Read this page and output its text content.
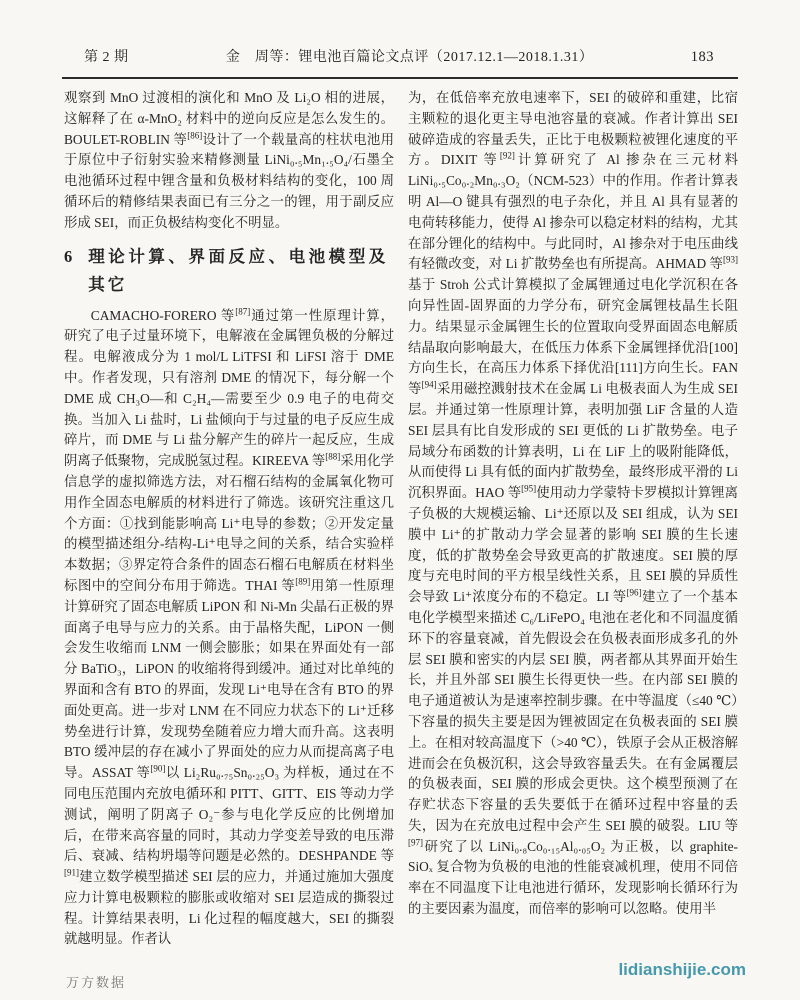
第 2 期	金　周等：锂电池百篇论文点评（2017.12.1—2018.1.31）	183

观察到 MnO 过渡相的演化和 MnO 及 Li₂O 相的进展，这解释了在 α-MnO₂ 材料中的逆向反应是怎么发生的。BOULET-ROBLIN 等[86]设计了一个载量高的柱状电池用于原位中子衍射实验来精修测量 LiNi₀.₅Mn₁.₅O₄/石墨全电池循环过程中锂含量和负极材料结构的变化，100 周循环后的精修结果表面已有三分之一的锂，用于副反应形成 SEI，而正负极结构变化不明显。

6 理论计算、界面反应、电池模型及其它

CAMACHO-FORERO 等[87]通过第一性原理计算，研究了电子过量环境下，电解液在金属锂负极的分解过程。电解液成分为 1 mol/L LiTFSI 和 LiFSI 溶于 DME 中。作者发现，只有溶剂 DME 的情况下，每分解一个 DME 成 CH₃O—和 C₂H₄—需要至少 0.9 电子的电荷交换。当加入 Li 盐时，Li 盐倾向于与过量的电子反应生成碎片，而 DME 与 Li 盐分解产生的碎片一起反应，生成阴离子低聚物，完成脱氢过程。KIREEVA 等[88]采用化学信息学的虚拟筛选方法，对石榴石结构的金属氧化物可用作全固态电解质的材料进行了筛选。该研究注重这几个方面：①找到能影响高 Li⁺电导的参数；②开发定量的模型描述组分-结构-Li⁺电导之间的关系，结合实验样本数据；③界定符合条件的固态石榴石电解质在材料坐标图中的空间分布用于筛选。THAI 等[89]用第一性原理计算研究了固态电解质 LiPON 和 Ni-Mn 尖晶石正极的界面离子电导与应力的关系。由于晶格失配，LiPON 一侧会发生收缩而 LNM 一侧会膨胀；如果在界面处有一部分 BaTiO₃，LiPON 的收缩将得到缓冲。通过对比单纯的界面和含有 BTO 的界面，发现 Li⁺电导在含有 BTO 的界面处更高。进一步对 LNM 在不同应力状态下的 Li⁺迁移势垒进行计算，发现势垒随着应力增大而升高。这表明 BTO 缓冲层的存在减小了界面处的应力从而提高离子电导。ASSAT 等[90]以 Li₂Ru₀.₇₅Sn₀.₂₅O₃ 为样板，通过在不同电压范围内充放电循环和 PITT、GITT、EIS 等动力学测试，阐明了阴离子 O₂⁻参与电化学反应的比例增加后，在带来高容量的同时，其动力学变差导致的电压滞后、衰减、结构坍塌等问题是必然的。DESHPANDE 等[91]建立数学模型描述 SEI 层的应力，并通过施加大强度应力计算电极颗粒的膨胀或收缩对 SEI 层造成的撕裂过程。计算结果表明，Li 化过程的幅度越大，SEI 的撕裂就越明显。作者认

为，在低倍率充放电速率下，SEI 的破碎和重建，比宿主颗粒的退化更主导电池容量的衰减。作者计算出 SEI 破碎造成的容量丢失，正比于电极颗粒被锂化速度的平方。DIXIT 等[92]计算研究了 Al 掺杂在三元材料 LiNi₀.₅Co₀.₂Mn₀.₃O₂（NCM-523）中的作用。作者计算表明 Al—O 键具有强烈的电子杂化，并且 Al 具有显著的电荷转移能力，使得 Al 掺杂可以稳定材料的结构，尤其在部分锂化的结构中。与此同时，Al 掺杂对于电压曲线有轻微改变，对 Li 扩散势垒也有所提高。AHMAD 等[93]基于 Stroh 公式计算模拟了金属锂通过电化学沉积在各向异性固-固界面的力学分布，研究金属锂枝晶生长阻力。结果显示金属锂生长的位置取向受界面固态电解质结晶取向影响最大，在低压力体系下金属锂择优沿[100]方向生长，在高压力体系下择优沿[111]方向生长。FAN 等[94]采用磁控溅射技术在金属 Li 电极表面人为生成 SEI 层。并通过第一性原理计算，表明加强 LiF 含量的人造 SEI 层具有比自发形成的 SEI 更低的 Li 扩散势垒。电子局域分布函数的计算表明，Li 在 LiF 上的吸附能降低，从而使得 Li 具有低的面内扩散势垒，最终形成平滑的 Li 沉积界面。HAO 等[95]使用动力学蒙特卡罗模拟计算锂离子负极的大规模运输、Li⁺还原以及 SEI 组成，认为 SEI 膜中 Li⁺的扩散动力学会显著的影响 SEI 膜的生长速度，低的扩散势垒会导致更高的扩散速度。SEI 膜的厚度与充电时间的平方根呈线性关系，且 SEI 膜的异质性会导致 Li⁺浓度分布的不稳定。LI 等[96]建立了一个基本电化学模型来描述 C₆/LiFePO₄ 电池在老化和不同温度循环下的容量衰减，首先假设会在负极表面形成多孔的外层 SEI 膜和密实的内层 SEI 膜，两者都从其界面开始生长，并且外部 SEI 膜生长得更快一些。在内部 SEI 膜的电子通道被认为是速率控制步骤。在中等温度（≤40 ℃）下容量的损失主要是因为锂被固定在负极表面的 SEI 膜上。在相对较高温度下（>40 ℃），铁原子会从正极溶解进而会在负极沉积，这会导致容量丢失。在有金属覆层的负极表面，SEI 膜的形成会更快。这个模型预测了在存贮状态下容量的丢失要低于在循环过程中容量的丢失，因为在充放电过程中会产生 SEI 膜的破裂。LIU 等[97]研究了以 LiNi₀.₈Co₀.₁₅Al₀.₀₅O₂ 为正极，以 graphite-SiOₓ 复合物为负极的电池的性能衰减机理，使用不同倍率在不同温度下让电池进行循环，发现影响长循环行为的主要因素为温度，而倍率的影响可以忽略。使用半

万方数据
lidianshijie.com
